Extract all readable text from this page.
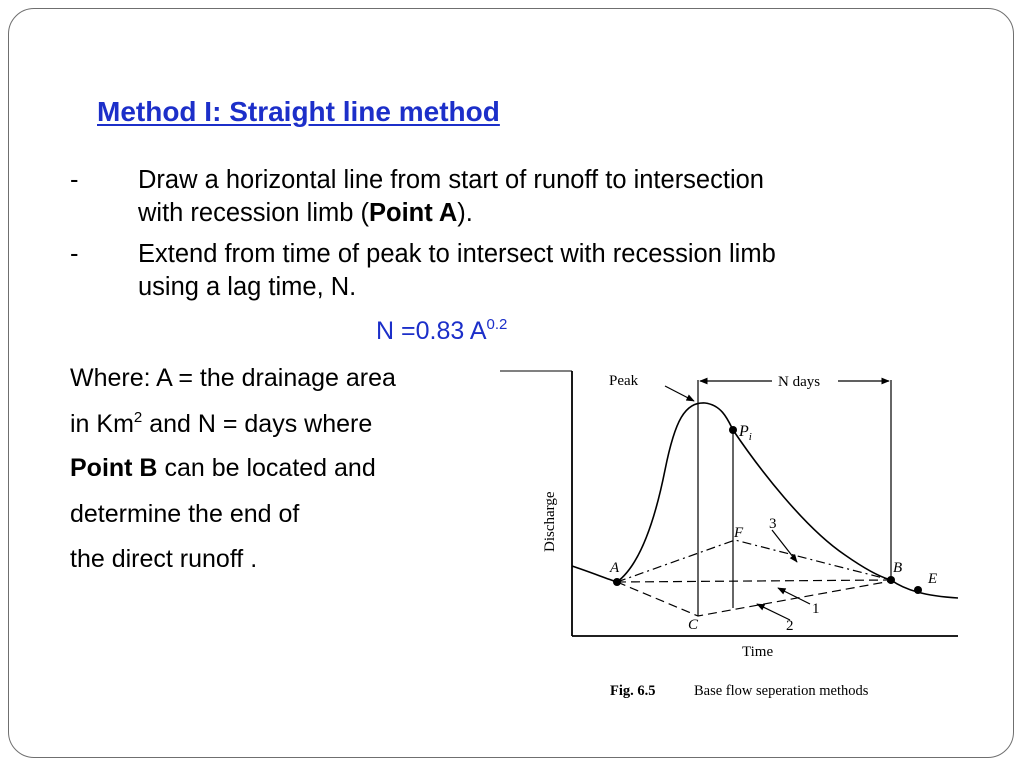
Method I: Straight line method
- Draw a horizontal line from start of runoff to intersection
with recession limb (Point A).
- Extend from time of peak to intersect with recession limb
using a lag time, N.
N =0.83 $A^{0.2}$
Where: A = the drainage area
in Km$^2$ and N = days where
Point B can be located and
determine the end of
the direct runoff .
Peak	N days
$P_i$
F
3
A	B
E
1
2
C
Time
Discharge
Fig. 6.5	Base flow seperation methods
